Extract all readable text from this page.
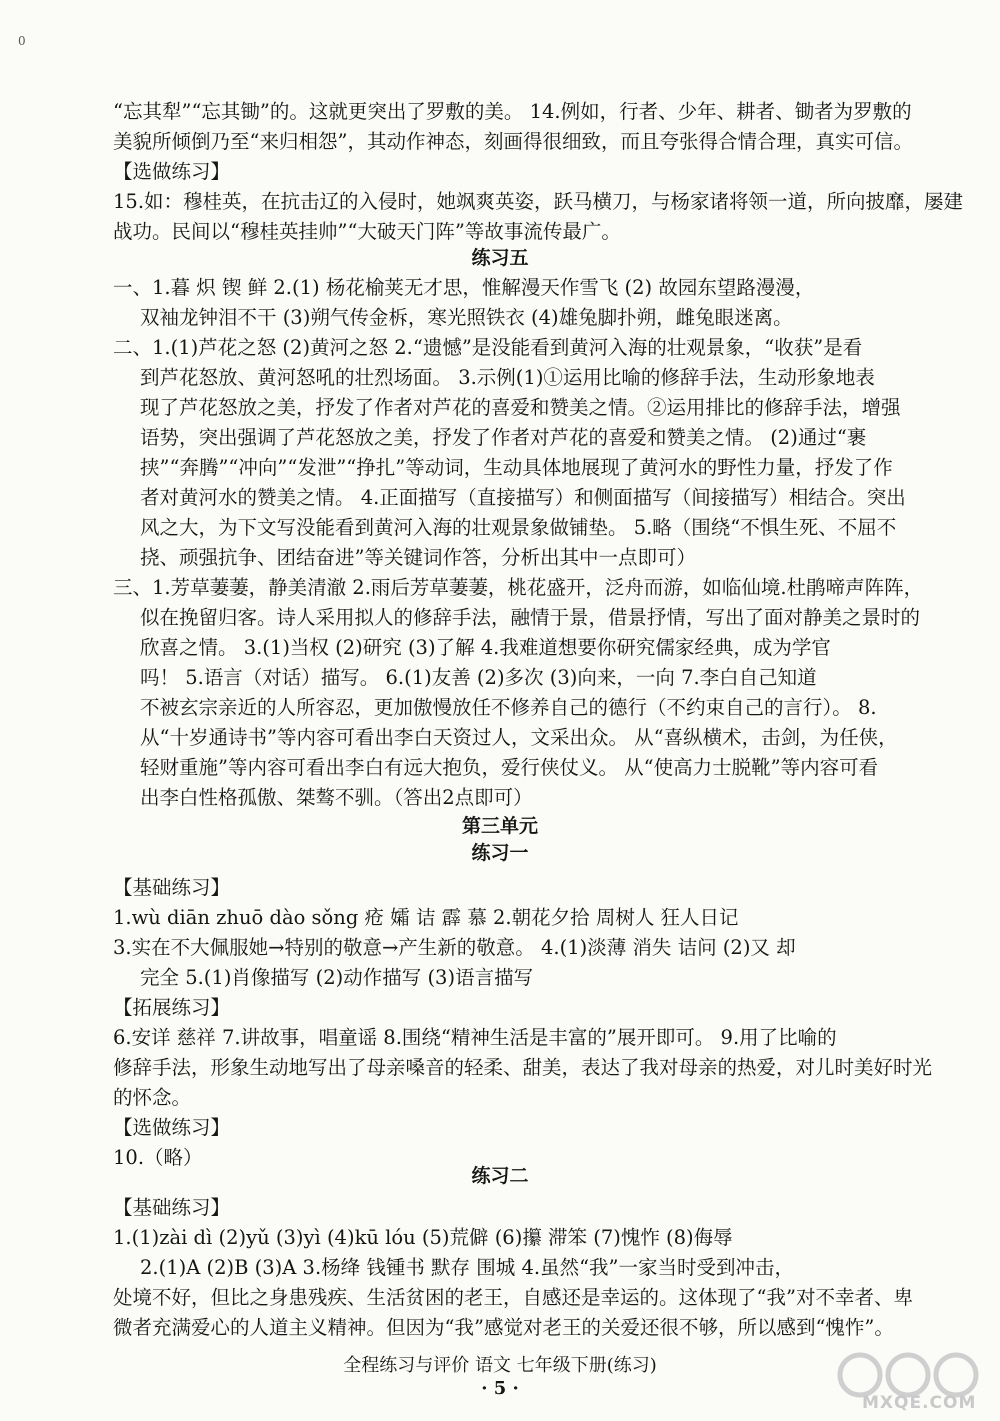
0
“忘其犁”“忘其锄”的。这就更突出了罗敷的美。 14.例如，行者、少年、耕者、锄者为罗敷的
美貌所倾倒乃至“来归相怨”，其动作神态，刻画得很细致，而且夸张得合情合理，真实可信。
【选做练习】
15.如：穆桂英，在抗击辽的入侵时，她飒爽英姿，跃马横刀，与杨家诸将领一道，所向披靡，屡建
战功。民间以“穆桂英挂帅”“大破天门阵”等故事流传最广。
一、1.暮 炽 锲 鲜 2.(1) 杨花榆荚无才思，惟解漫天作雪飞 (2) 故园东望路漫漫，
双袖龙钟泪不干 (3)朔气传金柝，寒光照铁衣 (4)雄兔脚扑朔，雌兔眼迷离。
二、1.(1)芦花之怒 (2)黄河之怒 2.“遗憾”是没能看到黄河入海的壮观景象，“收获”是看
到芦花怒放、黄河怒吼的壮烈场面。 3.示例(1)①运用比喻的修辞手法，生动形象地表
现了芦花怒放之美，抒发了作者对芦花的喜爱和赞美之情。②运用排比的修辞手法，增强
语势，突出强调了芦花怒放之美，抒发了作者对芦花的喜爱和赞美之情。 (2)通过“裹
挟”“奔腾”“冲向”“发泄”“挣扎”等动词，生动具体地展现了黄河水的野性力量，抒发了作
者对黄河水的赞美之情。 4.正面描写（直接描写）和侧面描写（间接描写）相结合。突出
风之大，为下文写没能看到黄河入海的壮观景象做铺垫。 5.略（围绕“不惧生死、不屈不
挠、顽强抗争、团结奋进”等关键词作答，分析出其中一点即可）
三、1.芳草萋萋，静美清澈 2.雨后芳草萋萋，桃花盛开，泛舟而游，如临仙境.杜鹃啼声阵阵，
似在挽留归客。诗人采用拟人的修辞手法，融情于景，借景抒情，写出了面对静美之景时的
欣喜之情。 3.(1)当权 (2)研究 (3)了解 4.我难道想要你研究儒家经典，成为学官
吗！ 5.语言（对话）描写。 6.(1)友善 (2)多次 (3)向来，一向 7.李白自己知道
不被玄宗亲近的人所容忍，更加傲慢放任不修养自己的德行（不约束自己的言行）。 8.
从“十岁通诗书”等内容可看出李白天资过人，文采出众。 从“喜纵横术，击剑，为任侠，
轻财重施”等内容可看出李白有远大抱负，爱行侠仗义。 从“使高力士脱靴”等内容可看
出李白性格孤傲、桀骜不驯。（答出2点即可）
【基础练习】
1.wù diān zhuō dào sǒng 疮 孀 诘 霹 慕 2.朝花夕拾 周树人 狂人日记
3.实在不大佩服她→特别的敬意→产生新的敬意。 4.(1)淡薄 消失 诘问 (2)又 却
完全 5.(1)肖像描写 (2)动作描写 (3)语言描写
【拓展练习】
6.安详 慈祥 7.讲故事，唱童谣 8.围绕“精神生活是丰富的”展开即可。 9.用了比喻的
修辞手法，形象生动地写出了母亲嗓音的轻柔、甜美，表达了我对母亲的热爱，对儿时美好时光
的怀念。
【选做练习】
10.（略）
【基础练习】
1.(1)zài dì (2)yǔ (3)yì (4)kū lóu (5)荒僻 (6)攥 滞笨 (7)愧怍 (8)侮辱
2.(1)A (2)B (3)A 3.杨绛 钱锺书 默存 围城 4.虽然“我”一家当时受到冲击，
处境不好，但比之身患残疾、生活贫困的老王，自感还是幸运的。这体现了“我”对不幸者、卑
微者充满爱心的人道主义精神。但因为“我”感觉对老王的关爱还很不够，所以感到“愧怍”。
练习五
第三单元
练习一
练习二
全程练习与评价 语文 七年级下册(练习)
· 5 ·
MXQE.COM
